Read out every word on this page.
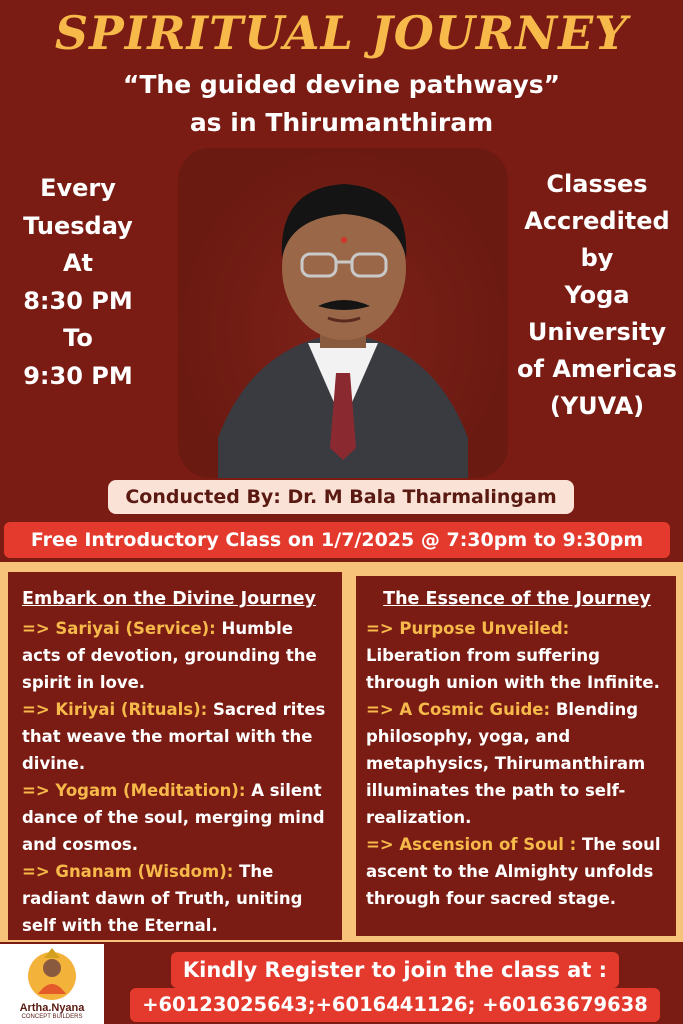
SPIRITUAL JOURNEY
“The guided devine pathways”
as in Thirumanthiram
Every
Tuesday
At
8:30 PM
To
9:30 PM
Classes
Accredited
by
Yoga
University
of Americas
(YUVA)
Conducted By: Dr. M Bala Tharmalingam
Free Introductory Class on 1/7/2025 @ 7:30pm to 9:30pm
Embark on the Divine Journey

=> Sariyai (Service): Humble acts of devotion, grounding the spirit in love.

=> Kiriyai (Rituals): Sacred rites that weave the mortal with the divine.

=> Yogam (Meditation): A silent dance of the soul, merging mind and cosmos.

=> Gnanam (Wisdom): The radiant dawn of Truth, uniting self with the Eternal.

The Essence of the Journey

=> Purpose Unveiled: Liberation from suffering through union with the Infinite.

=> A Cosmic Guide: Blending philosophy, yoga, and metaphysics, Thirumanthiram illuminates the path to self-realization.

=> Ascension of Soul : The soul ascent to the Almighty unfolds through four sacred stage.

Artha.Nyana
CONCEPT BUILDERS
Kindly Register to join the class at :
+60123025643;+6016441126; +60163679638
